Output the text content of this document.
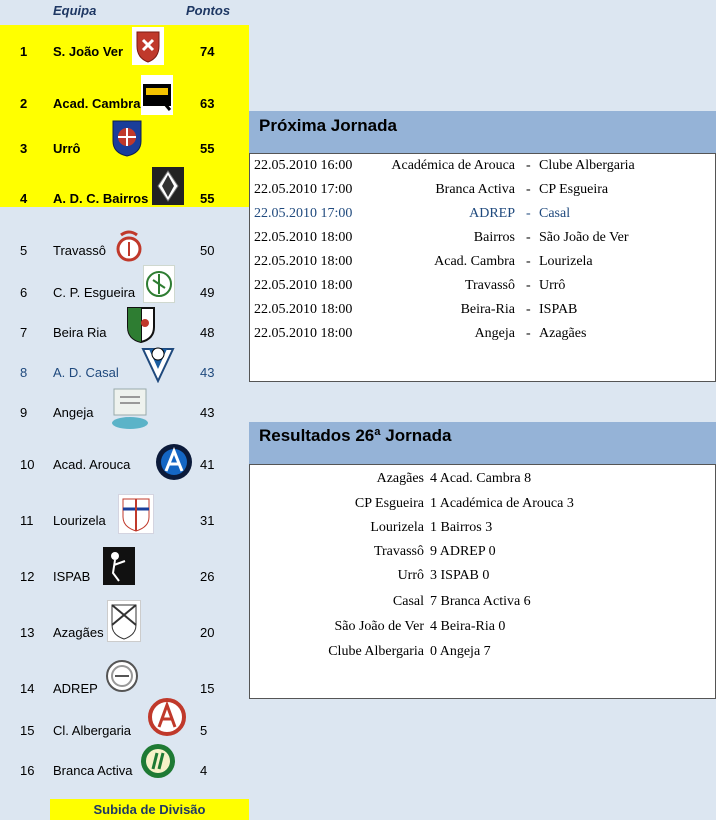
Equipa	Pontos
1 S. João Ver	74
2 Acad. Cambra	63
3 Urrô	55
4 A. D. C. Bairros	55
5 Travassô	50
6 C. P. Esgueira	49
7 Beira Ria	48
8 A. D. Casal	43
9 Angeja	43
10 Acad. Arouca	41
11 Lourizela	31
12 ISPAB	26
13 Azagães	20
14 ADREP	15
15 Cl. Albergaria	5
16 Branca Activa	4
Subida de Divisão
Próxima Jornada
22.05.2010 16:00	Académica de Arouca - Clube Albergaria
22.05.2010 17:00	Branca Activa - CP Esgueira
22.05.2010 17:00	ADREP - Casal
22.05.2010 18:00	Bairros - São João de Ver
22.05.2010 18:00	Acad. Cambra - Lourizela
22.05.2010 18:00	Travassô - Urrô
22.05.2010 18:00	Beira-Ria - ISPAB
22.05.2010 18:00	Angeja - Azagães
Resultados 26ª Jornada
Azagães 4 Acad. Cambra 8
CP Esgueira 1 Académica de Arouca 3
Lourizela 1 Bairros 3
Travassô 9 ADREP 0
Urrô 3 ISPAB 0
Casal 7 Branca Activa 6
São João de Ver 4 Beira-Ria 0
Clube Albergaria 0 Angeja 7
